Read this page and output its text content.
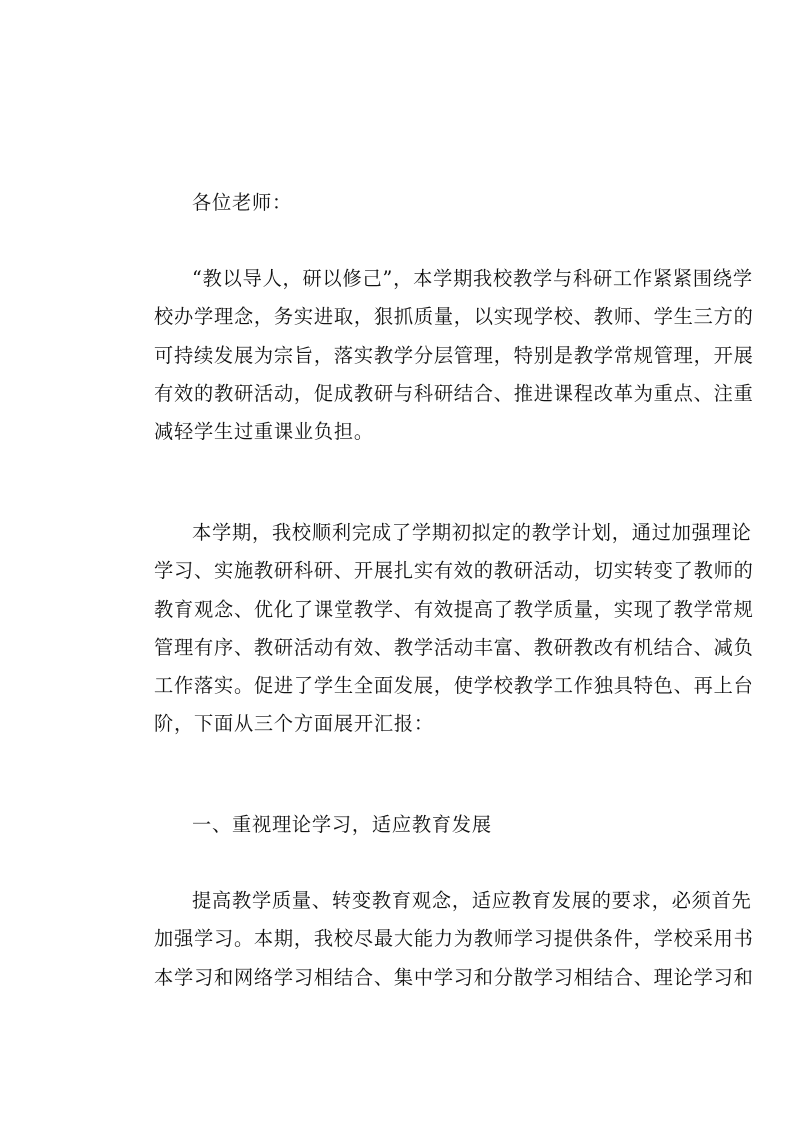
各位老师：
“教以导人，研以修己”，本学期我校教学与科研工作紧紧围绕学
校办学理念，务实进取，狠抓质量，以实现学校、教师、学生三方的
可持续发展为宗旨，落实教学分层管理，特别是教学常规管理，开展
有效的教研活动，促成教研与科研结合、推进课程改革为重点、注重
减轻学生过重课业负担。
本学期，我校顺利完成了学期初拟定的教学计划，通过加强理论
学习、实施教研科研、开展扎实有效的教研活动，切实转变了教师的
教育观念、优化了课堂教学、有效提高了教学质量，实现了教学常规
管理有序、教研活动有效、教学活动丰富、教研教改有机结合、减负
工作落实。促进了学生全面发展，使学校教学工作独具特色、再上台
阶，下面从三个方面展开汇报：
一、重视理论学习，适应教育发展
提高教学质量、转变教育观念，适应教育发展的要求，必须首先
加强学习。本期，我校尽最大能力为教师学习提供条件，学校采用书
本学习和网络学习相结合、集中学习和分散学习相结合、理论学习和
